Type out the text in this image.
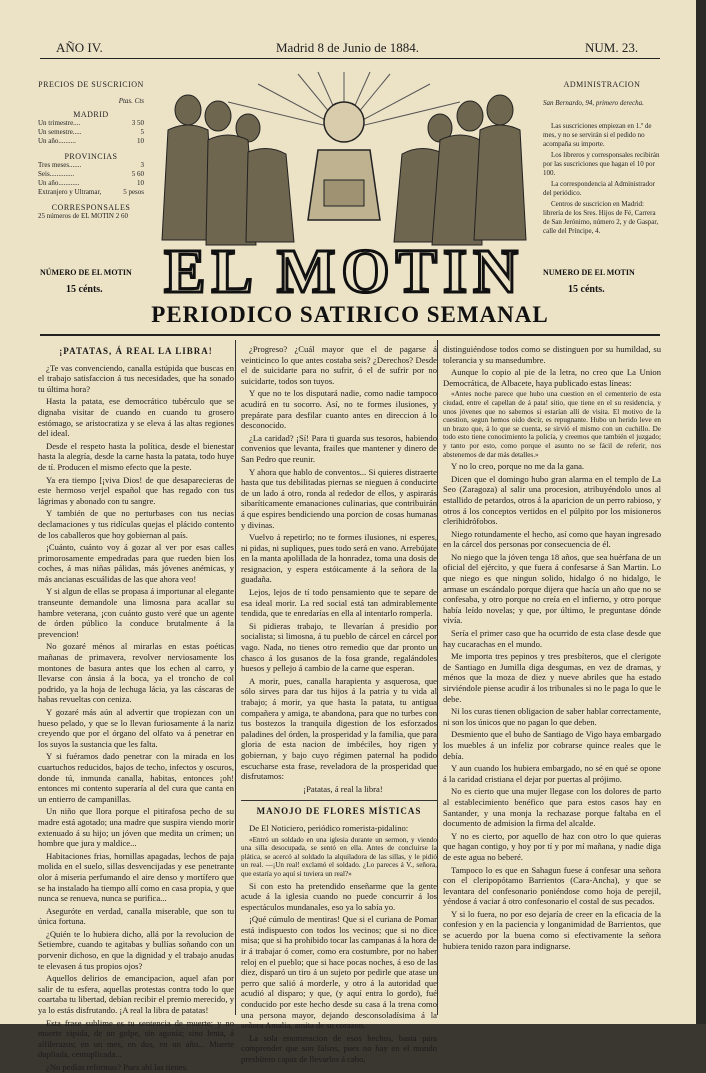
AÑO IV.	Madrid 8 de Junio de 1884.	NUM. 23.
PRECIOS DE SUSCRICION
Ptas. Cts
MADRID
Un trimestre....	3 50
Un semestre.....	5
Un año..........	10
PROVINCIAS
Tres meses.......	3
Seis..............	5 60
Un año............	10
Extranjero y Ultramar,	5 pesos
CORRESPONSALES
25 números de EL MOTIN 2 60
ADMINISTRACION
San Bernardo, 94, primero derecha.
Las suscriciones empiezan en 1.º de mes, y no se servirán si el pedido no acompaña su importe.
Los libreros y corresponsales recibirán por las suscriciones que hagan el 10 por 100.
La correspondencia al Administrador del periódico.
Centros de suscricion en Madrid: librería de los Sres. Hijos de Fé, Carrera de San Jerónimo, número 2, y de Gaspar, calle del Príncipe, 4.
EL MOTIN
NÚMERO DE EL MOTIN
15 cénts.
NUMERO DE EL MOTIN
15 cénts.
PERIODICO SATIRICO SEMANAL
¡PATATAS, Á REAL LA LIBRA!

¿Te vas convenciendo, canalla estúpida que buscas en el trabajo satisfaccion á tus necesidades, que ha sonado tu última hora?

Hasta la patata, ese democrático tubérculo que se dignaba visitar de cuando en cuando tu grosero estómago, se aristocratiza y se eleva á las altas regiones del ideal.

Desde el respeto hasta la política, desde el bienestar hasta la alegría, desde la carne hasta la patata, todo huye de tí. Producen el mismo efecto que la peste.

Ya era tiempo [¡viva Dios! de que desaparecieras de este hermoso verjel español que has regado con tus lágrimas y abonado con tu sangre.

Y también de que no perturbases con tus necias declamaciones y tus ridículas quejas el plácido contento de los caballeros que hoy gobiernan al país.

¡Cuánto, cuánto voy á gozar al ver por esas calles primorosamente empedradas para que rueden bien los coches, á mas niñas pálidas, más jóvenes anémicas, y más ancianas escuálidas de las que ahora veo!

Y si algun de ellas se propasa á importunar al elegante transeunte demandole una limosna para acallar su hambre veterana, ¡con cuánto gusto veré que un agente de órden público la conduce brutalmente á la prevencion!

No gozaré ménos al mirarlas en estas poéticas mañanas de primavera, revolver nerviosamente los montones de basura antes que los echen al carro, y llevarse con ánsia á la boca, ya el troncho de col podrido, ya la hoja de lechuga lácia, ya las cáscaras de habas revueltas con ceniza.

Y gozaré más aún al advertir que tropiezan con un hueso pelado, y que se lo llevan furiosamente á la nariz creyendo que por el órgano del olfato va á penetrar en los suyos la sustancia que les falta.

Y si fuéramos dado penetrar con la mirada en los cuartuchos reducidos, bajos de techo, infectos y oscuros, donde tú, inmunda canalla, habitas, entonces ¡oh! entonces mi contento superaría al del cura que canta en un entierro de campanillas.

Un niño que llora porque el pitirafosa pecho de su madre está agotado; una madre que suspira viendo morir extenuado á su hijo; un jóven que medita un crímen; un hombre que jura y maldice...

Habitaciones frias, hornillas apagadas, lechos de paja molida en el suelo, sillas desvencijadas y ese penetrante olor á miseria perfumando el aire denso y mortífero que se ha instalado ha tiempo allí como en casa propia, y que nunca se renueva, nunca se purifica...

Aseguróte en verdad, canalla miserable, que son tu única fortuna.

¿Quién te lo hubiera dicho, allá por la revolucion de Setiembre, cuando te agitabas y bullías soñando con un porvenir dichoso, en que la dignidad y el trabajo anudas te elevasen á tus propios ojos?

Aquellos delirios de emancipacion, aquel afan por salir de tu esfera, aquellas protestas contra todo lo que coartaba tu libertad, debían recibir el premio merecido, y ya lo estás disfrutando. ¡A real la libra de patatas!

Esta frase sublime es tu sentencia de muerte; y no muerte rápida, de un golpe, sin agonía; sino lenta, á alfilerazos; en un mes, en dos, en un año... Muerte dupliada, centuplicada...

¿No pedías reformas? Pues ahí las tienes.

¿Progreso? ¿Cuál mayor que el de pagarse á veinticinco lo que antes costaba seis? ¿Derechos? Desde el de suicidarte para no sufrir, ó el de sufrir por no suicidarte, todos son tuyos.

Y que no te los disputará nadie, como nadie tampoco acudirá en tu socorro. Así, no te formes ilusiones, y prepárate para desfilar cuanto antes en direccion á lo desconocido.

¿La caridad? ¡Sí! Para ti guarda sus tesoros, habiendo convenios que levanta, frailes que mantener y dinero de San Pedro que reunir.

Y ahora que hablo de conventos... Si quieres distraerte hasta que tus debilitadas piernas se nieguen á conducirte de un lado á otro, ronda al rededor de ellos, y aspirarás sibaríticamente emanaciones culinarias, que contribuirán á que espires bendiciendo una porcion de cosas humanas y divinas.

Vuelvo á repetirlo; no te formes ilusiones, ni esperes, ni pidas, ni supliques, pues todo será en vano. Arrebújate en la manta apolillada de la honradez, toma una dosis de resignacion, y espera estóicamente á la señora de la guadaña.

Lejos, lejos de tí todo pensamiento que te separe de esa ideal morir. La red social está tan admirablemente tendida, que te enredarías en ella al intentarlo romperla.

Si pidieras trabajo, te llevarían á presidio por socialista; si limosna, á tu pueblo de cárcel en cárcel por vago. Nada, no tienes otro remedio que dar pronto un chasco á los gusanos de la fosa grande, regalándoles huesos y pellejo á cambio de la carne que esperan.

A morir, pues, canalla harapienta y asquerosa, que sólo sirves para dar tus hijos á la patria y tu vida al trabajo; á morir, ya que hasta la patata, tu antigua compañera y amiga, te abandona, para que no turbes con tus bostezos la tranquila digestion de los esforzados paladines del órden, la prosperidad y la familia, que para gloria de esta nacion de imbéciles, hoy rigen y gobiernan, y bajo cuyo régimen paternal ha podido escucharse esta frase, reveladora de la prosperidad que disfrutamos:

¡Patatas, á real la libra!

MANOJO DE FLORES MÍSTICAS

De El Noticiero, periódico romerista-pidalino:

«Entró un soldado en una iglesia durante un sermon, y viendo una silla desocupada, se sentó en ella. Antes de concluirse la plática, se acercó al soldado la alquiladora de las sillas, y le pidió un real. —¡Un real! exclamó el soldado. ¿Lo pareces á V., señora, que estaría yo aquí si tuviera un real?»

Si con esto ha pretendido enseñarme que la gente acude á la iglesia cuando no puede concurrir á los espectáculos mundanales, eso ya lo sabía yo.

¡Qué cúmulo de mentiras! Que si el curiana de Pomar está indispuesto con todos los vecinos; que si no dice misa; que si ha prohibido tocar las campanas á la hora de ir á trabajar ó comer, como era costumbre, por no haber reloj en el pueblo; que si hace pocas noches, á eso de las diez, disparó un tiro á un sujeto por pedirle que atase un perro que salió á morderle, y otro á la autoridad que acudió al disparo; y que, (y aquí entra lo gordo), fué conducido por este hecho desde su casa á la trena como una persona mayor, dejando desconsoladísima á la señora Amalia, amita de su corazon.

La sola enumeracion de esos hechos, basta para comprender que son falsos, pues no hay en el mundo presbítero capaz de llevarlos á cabo,

distinguiéndose todos como se distinguen por su humildad, su tolerancia y su mansedumbre.

Aunque lo copio al pie de la letra, no creo que La Union Democrática, de Albacete, haya publicado estas líneas:

«Antes noche parece que hubo una cuestion en el cementerio de esta ciudad, entre el capellan de á pata! sitio, que tiene en el su residencia, y unos jóvenes que no sabemos si estarían allí de visita. El motivo de la cuestion, segun hemos oido decir, es repugnante. Hubo un herido leve en un brazo que, á lo que se cuenta, se sirvió el mismo con un cuchillo. De todo esto tiene conocimiento la policía, y creemos que también el juzgado; y tanto por esto, como porque el asunto no se fácil de referir, nos abstenemos de dar más detalles.»

Y no lo creo, porque no me da la gana.

Dicen que el domingo hubo gran alarma en el templo de La Seo (Zaragoza) al salir una procesion, atribuyéndolo unos al estallido de petardos, otros á la aparicion de un perro rabioso, y otros á los conceptos vertidos en el púlpito por los misioneros clerihidrófobos.

Niego rotundamente el hecho, así como que hayan ingresado en la cárcel dos personas por consecuencia de él.

No niego que la jóven tenga 18 años, que sea huérfana de un oficial del ejército, y que fuera á confesarse á San Martin. Lo que niego es que ningun solido, hidalgo ó no hidalgo, le armase un escándalo porque dijera que hacía un año que no se confesaba, y otro porque no creía en el infierno, y otro porque había leído novelas; y que, por último, le preguntase dónde vivía.

Sería el primer caso que ha ocurrido de esta clase desde que hay cucarachas en el mundo.

Me importa tres pepinos y tres presbíteros, que el clerigote de Santiago en Jumilla diga desgumas, en vez de dramas, y ménos que la moza de diez y nueve abriles que ha estado sirviéndole piense acudir á los tribunales si no le paga lo que le debe.

Ni los curas tienen obligacion de saber hablar correctamente, ni son los únicos que no pagan lo que deben.

Desmiento que el buho de Santiago de Vigo haya embargado los muebles á un infeliz por cobrarse quince reales que le debía.

Y aun cuando los hubiera embargado, no sé en qué se opone á la caridad cristiana el dejar por puertas al prójimo.

No es cierto que una mujer llegase con los dolores de parto al establecimiento benéfico que para estos casos hay en Santander, y una monja la rechazase porque faltaba en el documento de admision la firma del alcalde.

Y no es cierto, por aquello de haz con otro lo que quieras que hagan contigo, y hoy por tí y por mí mañana, y nadie diga de este agua no beberé.

Tampoco lo es que en Sahagun fuese á confesar una señora con el cleripopótamo Barrientos (Cara-Ancha), y que se levantara del confesonario poniéndose como hoja de perejil, yéndose á vaciar á otro confesonario el costal de sus pecados.

Y si lo fuera, no por eso dejaría de creer en la eficacia de la confesion y en la paciencia y longanimidad de Barrientos, que se acuerdo por la buena como si efectivamente la señora hubiera tenido razon para indignarse.
